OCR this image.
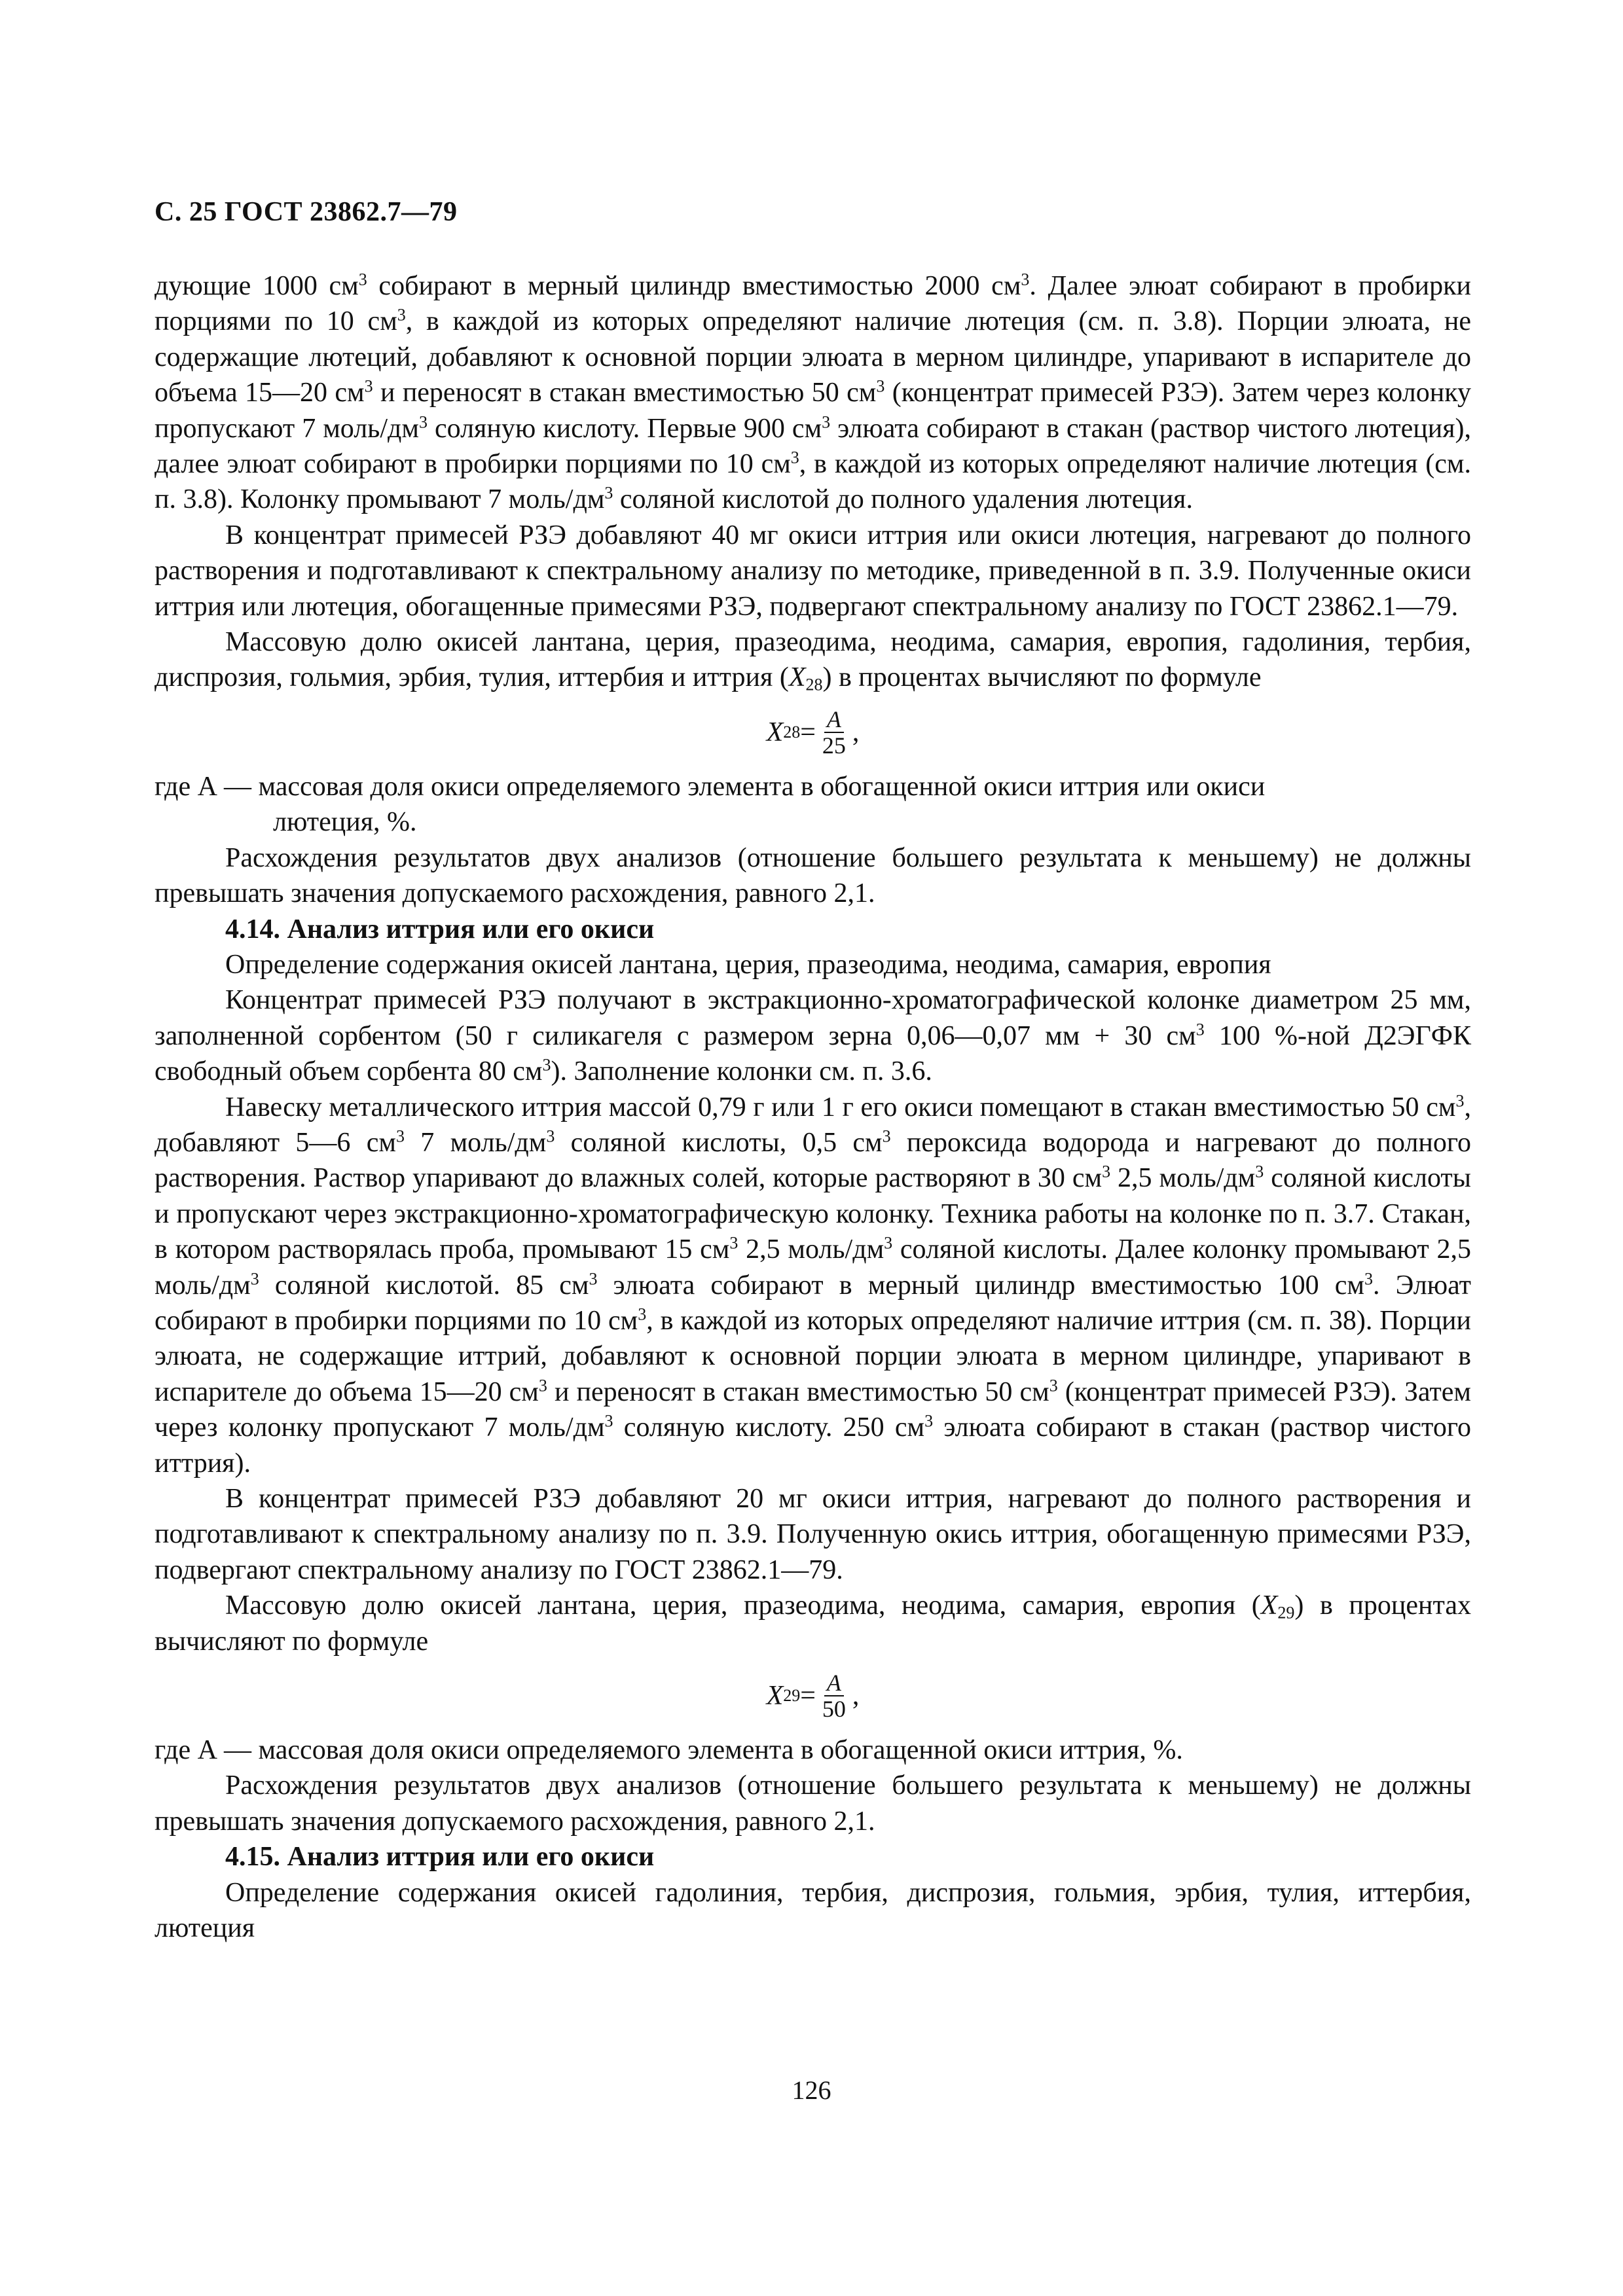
С. 25 ГОСТ 23862.7—79

дующие 1000 $см^3$ собирают в мерный цилиндр вместимостью 2000 $см^3$. Далее элюат собирают в пробирки порциями по 10 $см^3$, в каждой из которых определяют наличие лютеция (см. п. 3.8). Порции элюата, не содержащие лютеций, добавляют к основной порции элюата в мерном цилиндре, упаривают в испарителе до объема 15—20 $см^3$ и переносят в стакан вместимостью 50 $см^3$ (концентрат примесей РЗЭ). Затем через колонку пропускают 7 моль/$дм^3$ соляную кислоту. Первые 900 $см^3$ элюата собирают в стакан (раствор чистого лютеция), далее элюат собирают в пробирки порциями по 10 $см^3$, в каждой из которых определяют наличие лютеция (см. п. 3.8). Колонку промывают 7 моль/$дм^3$ соляной кислотой до полного удаления лютеция.

В концентрат примесей РЗЭ добавляют 40 мг окиси иттрия или окиси лютеция, нагревают до полного растворения и подготавливают к спектральному анализу по методике, приведенной в п. 3.9. Полученные окиси иттрия или лютеция, обогащенные примесями РЗЭ, подвергают спектральному анализу по ГОСТ 23862.1—79.

Массовую долю окисей лантана, церия, празеодима, неодима, самария, европия, гадолиния, тербия, диспрозия, гольмия, эрбия, тулия, иттербия и иттрия $(X_{28})$ в процентах вычисляют по формуле

X $28 = \frac{A}{25}$ ,
где A — массовая доля окиси определяемого элемента в обогащенной окиси иттрия или окиси
лютеция, %.

Расхождения результатов двух анализов (отношение большего результата к меньшему) не должны превышать значения допускаемого расхождения, равного 2,1.

4.14. Анализ иттрия или его окиси

Определение содержания окисей лантана, церия, празеодима, неодима, самария, европия

Концентрат примесей РЗЭ получают в экстракционно-хроматографической колонке диаметром 25 мм, заполненной сорбентом (50 г силикагеля с размером зерна 0,06—0,07 мм + 30 $см^3$ 100 %-ной Д2ЭГФК свободный объем сорбента 80 $см^3$). Заполнение колонки см. п. 3.6.

Навеску металлического иттрия массой 0,79 г или 1 г его окиси помещают в стакан вместимостью 50 $см^3$, добавляют 5—6 $см^3$ 7 моль/$дм^3$ соляной кислоты, 0,5 $см^3$ пероксида водорода и нагревают до полного растворения. Раствор упаривают до влажных солей, которые растворяют в 30 $см^3$ 2,5 моль/$дм^3$ соляной кислоты и пропускают через экстракционно-хроматографическую колонку. Техника работы на колонке по п. 3.7. Стакан, в котором растворялась проба, промывают 15 $см^3$ 2,5 моль/$дм^3$ соляной кислоты. Далее колонку промывают 2,5 моль/$дм^3$ соляной кислотой. 85 $см^3$ элюата собирают в мерный цилиндр вместимостью 100 $см^3$. Элюат собирают в пробирки порциями по 10 $см^3$, в каждой из которых определяют наличие иттрия (см. п. 38). Порции элюата, не содержащие иттрий, добавляют к основной порции элюата в мерном цилиндре, упаривают в испарителе до объема 15—20 $см^3$ и переносят в стакан вместимостью 50 $см^3$ (концентрат примесей РЗЭ). Затем через колонку пропускают 7 моль/$дм^3$ соляную кислоту. 250 $см^3$ элюата собирают в стакан (раствор чистого иттрия).

В концентрат примесей РЗЭ добавляют 20 мг окиси иттрия, нагревают до полного растворения и подготавливают к спектральному анализу по п. 3.9. Полученную окись иттрия, обогащенную примесями РЗЭ, подвергают спектральному анализу по ГОСТ 23862.1—79.

Массовую долю окисей лантана, церия, празеодима, неодима, самария, европия $(X_{29})$ в процентах вычисляют по формуле

X $29 = \frac{A}{50}$ ,
где A — массовая доля окиси определяемого элемента в обогащенной окиси иттрия, %.

Расхождения результатов двух анализов (отношение большего результата к меньшему) не должны превышать значения допускаемого расхождения, равного 2,1.

4.15. Анализ иттрия или его окиси

Определение содержания окисей гадолиния, тербия, диспрозия, гольмия, эрбия, тулия, иттербия, лютеция

126
